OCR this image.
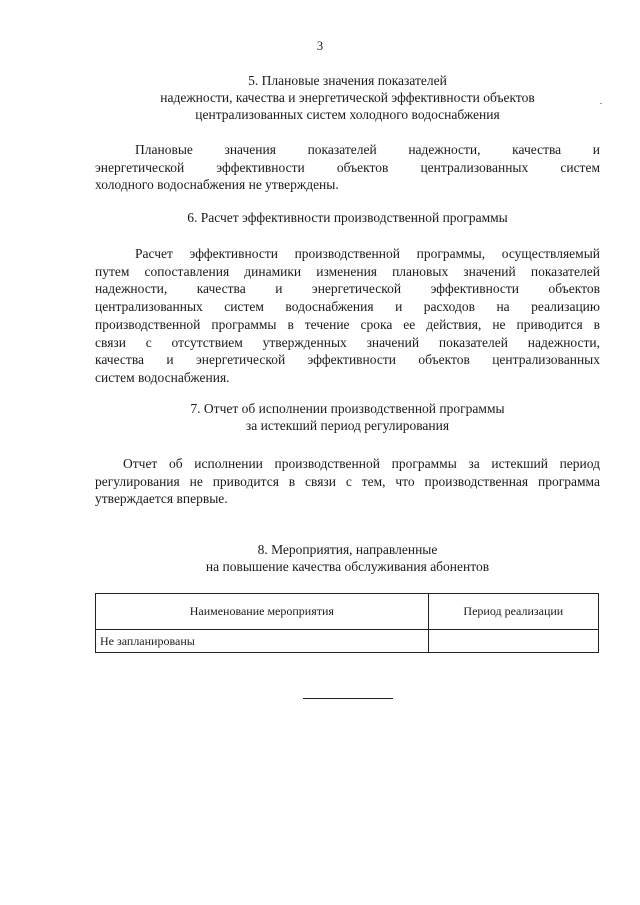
3
5. Плановые значения показателей
надежности, качества и энергетической эффективности объектов
централизованных систем холодного водоснабжения
Плановые значения показателей надежности, качества и
энергетической эффективности объектов централизованных систем
холодного водоснабжения не утверждены.
6. Расчет эффективности производственной программы
Расчет эффективности производственной программы, осуществляемый
путем сопоставления динамики изменения плановых значений показателей
надежности, качества и энергетической эффективности объектов
централизованных систем водоснабжения и расходов на реализацию
производственной программы в течение срока ее действия, не приводится в
связи с отсутствием утвержденных значений показателей надежности,
качества и энергетической эффективности объектов централизованных
систем водоснабжения.
7. Отчет об исполнении производственной программы
за истекший период регулирования
Отчет об исполнении производственной программы за истекший период
регулирования не приводится в связи с тем, что производственная программа
утверждается впервые.
8. Мероприятия, направленные
на повышение качества обслуживания абонентов
Наименование мероприятия	Период реализации
Не запланированы	
